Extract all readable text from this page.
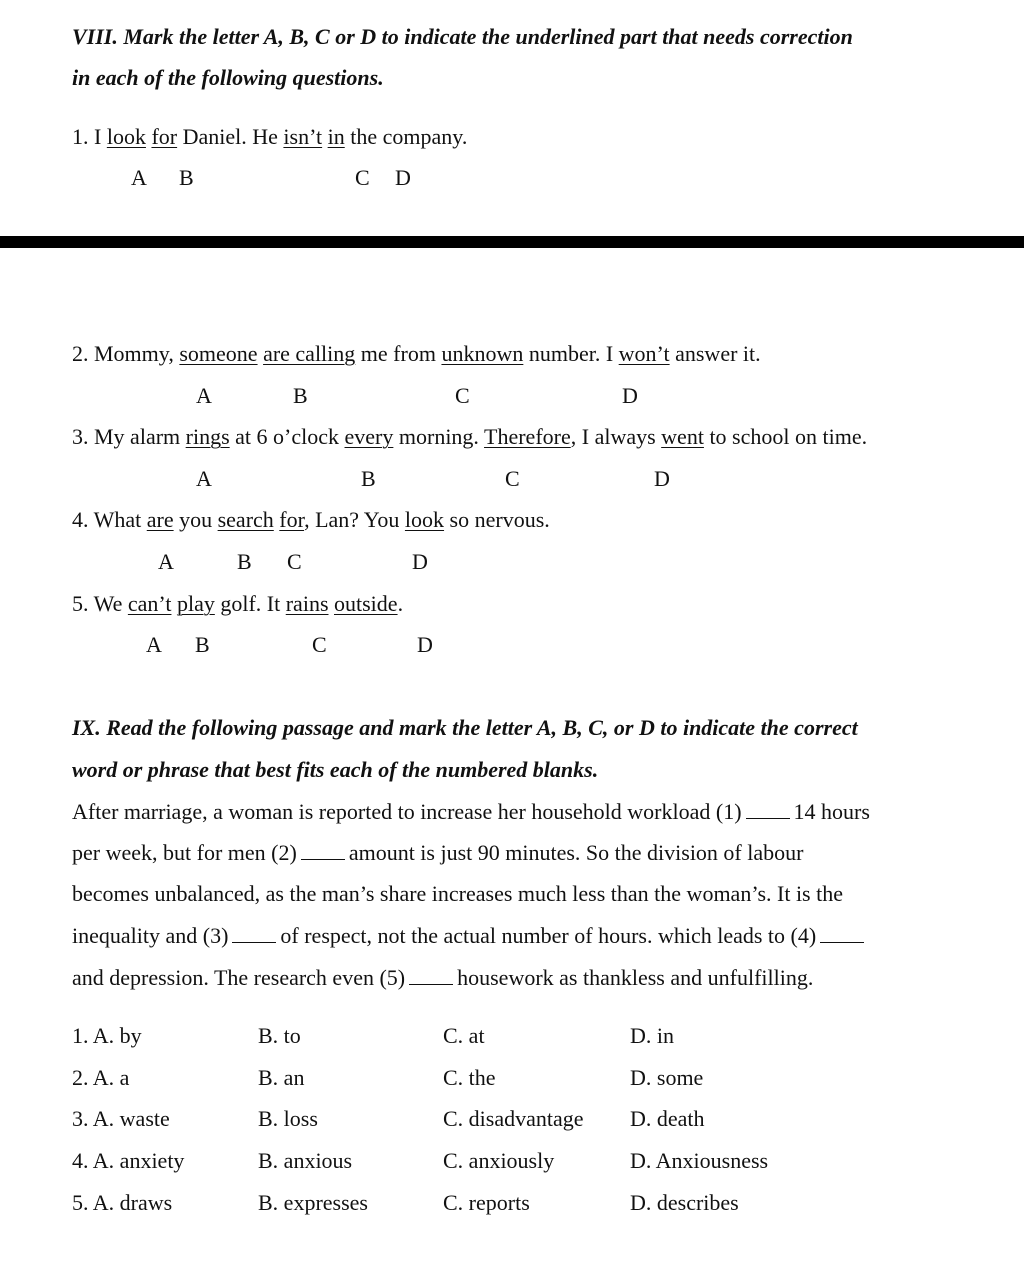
VIII. Mark the letter A, B, C or D to indicate the underlined part that needs correction
in each of the following questions.
1. I look for Daniel. He isn’t in the company.
A B	C D
2. Mommy, someone are calling me from unknown number. I won’t answer it.
A	B	C	D
3. My alarm rings at 6 o’clock every morning. Therefore, I always went to school on time.
A	B	C	D
4. What are you search for, Lan? You look so nervous.
A	B C	D
5. We can’t play golf. It rains outside.
A B	C	D
IX. Read the following passage and mark the letter A, B, C, or D to indicate the correct
word or phrase that best fits each of the numbered blanks.
After marriage, a woman is reported to increase her household workload (1) 14 hours
per week, but for men (2) amount is just 90 minutes. So the division of labour
becomes unbalanced, as the man’s share increases much less than the woman’s. It is the
inequality and (3) of respect, not the actual number of hours. which leads to (4)
and depression. The research even (5) housework as thankless and unfulfilling.
1. A. by	B. to	C. at	D. in
2. A. a	B. an	C. the	D. some
3. A. waste	B. loss	C. disadvantage D. death
4. A. anxiety	B. anxious	C. anxiously	D. Anxiousness
5. A. draws	B. expresses	C. reports	D. describes
